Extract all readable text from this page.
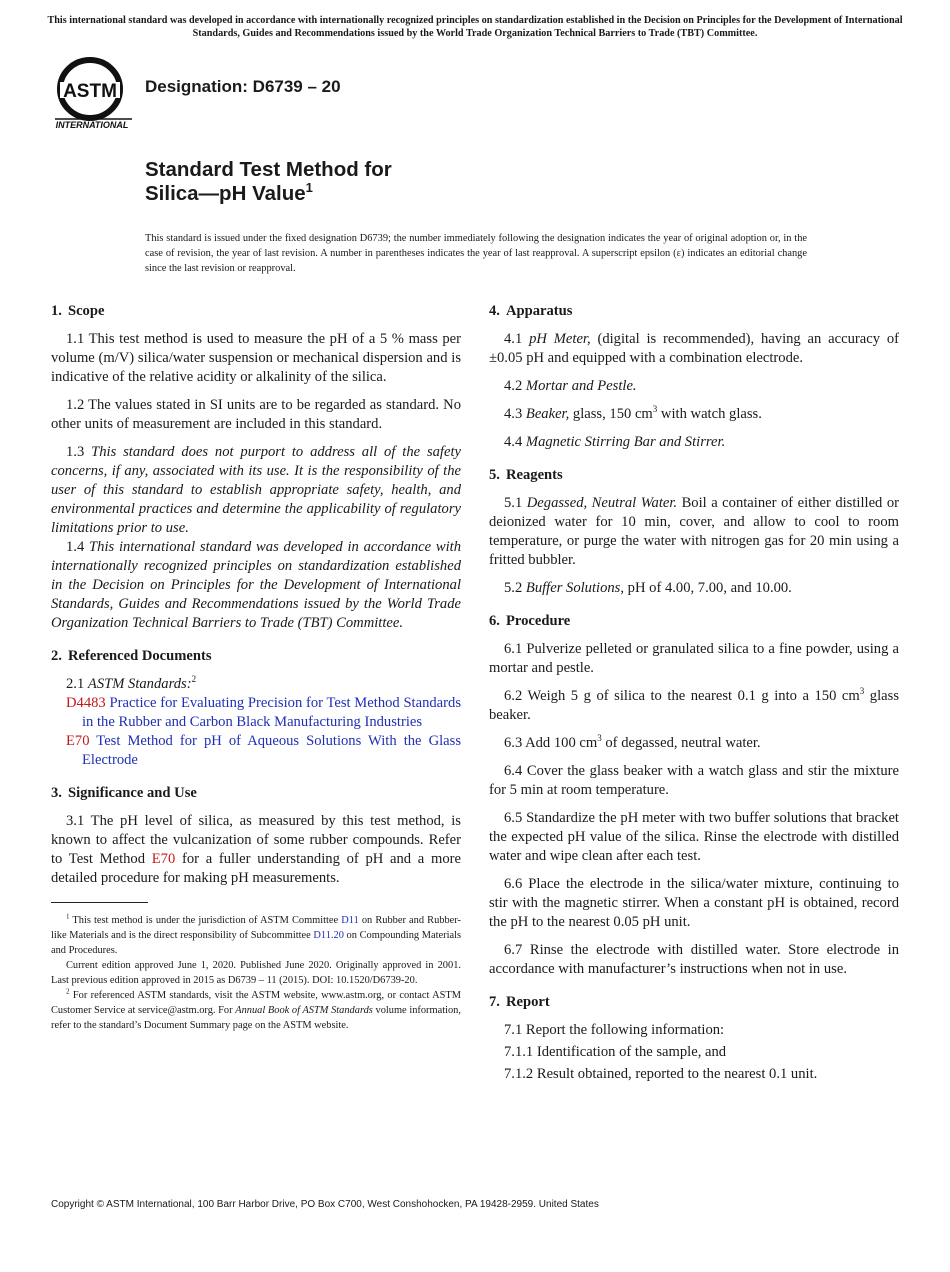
This international standard was developed in accordance with internationally recognized principles on standardization established in the Decision on Principles for the Development of International Standards, Guides and Recommendations issued by the World Trade Organization Technical Barriers to Trade (TBT) Committee.
ASTM
INTERNATIONAL
Designation: D6739 – 20
Standard Test Method for
Silica—pH Value$^1$

This standard is issued under the fixed designation D6739; the number immediately following the designation indicates the year of original adoption or, in the case of revision, the year of last revision. A number in parentheses indicates the year of last reapproval. A superscript epsilon (ε) indicates an editorial change since the last revision or reapproval.

1. Scope

1.1 This test method is used to measure the pH of a 5 % mass per volume (m/V) silica/water suspension or mechanical dispersion and is indicative of the relative acidity or alkalinity of the silica.

1.2 The values stated in SI units are to be regarded as standard. No other units of measurement are included in this standard.

1.3 This standard does not purport to address all of the safety concerns, if any, associated with its use. It is the responsibility of the user of this standard to establish appropriate safety, health, and environmental practices and determine the applicability of regulatory limitations prior to use.

1.4 This international standard was developed in accordance with internationally recognized principles on standardization established in the Decision on Principles for the Development of International Standards, Guides and Recommendations issued by the World Trade Organization Technical Barriers to Trade (TBT) Committee.

2. Referenced Documents

2.1 ASTM Standards:$^2$

D4483 Practice for Evaluating Precision for Test Method Standards in the Rubber and Carbon Black Manufacturing Industries

E70 Test Method for pH of Aqueous Solutions With the Glass Electrode

3. Significance and Use

3.1 The pH level of silica, as measured by this test method, is known to affect the vulcanization of some rubber compounds. Refer to Test Method E70 for a fuller understanding of pH and a more detailed procedure for making pH measurements.

$^1$ This test method is under the jurisdiction of ASTM Committee D11 on Rubber and Rubber-like Materials and is the direct responsibility of Subcommittee D11.20 on Compounding Materials and Procedures.

Current edition approved June 1, 2020. Published June 2020. Originally approved in 2001. Last previous edition approved in 2015 as D6739 – 11 (2015). DOI: 10.1520/D6739-20.

$^2$ For referenced ASTM standards, visit the ASTM website, www.astm.org, or contact ASTM Customer Service at service@astm.org. For Annual Book of ASTM Standards volume information, refer to the standard’s Document Summary page on the ASTM website.

4. Apparatus

4.1 pH Meter, (digital is recommended), having an accuracy of ±0.05 pH and equipped with a combination electrode.

4.2 Mortar and Pestle.

4.3 Beaker, glass, 150 $cm^3$ with watch glass.

4.4 Magnetic Stirring Bar and Stirrer.

5. Reagents

5.1 Degassed, Neutral Water. Boil a container of either distilled or deionized water for 10 min, cover, and allow to cool to room temperature, or purge the water with nitrogen gas for 20 min using a fritted bubbler.

5.2 Buffer Solutions, pH of 4.00, 7.00, and 10.00.

6. Procedure

6.1 Pulverize pelleted or granulated silica to a fine powder, using a mortar and pestle.

6.2 Weigh 5 g of silica to the nearest 0.1 g into a 150 $cm^3$ glass beaker.

6.3 Add 100 $cm^3$ of degassed, neutral water.

6.4 Cover the glass beaker with a watch glass and stir the mixture for 5 min at room temperature.

6.5 Standardize the pH meter with two buffer solutions that bracket the expected pH value of the silica. Rinse the electrode with distilled water and wipe clean after each test.

6.6 Place the electrode in the silica/water mixture, continuing to stir with the magnetic stirrer. When a constant pH is obtained, record the pH to the nearest 0.05 pH unit.

6.7 Rinse the electrode with distilled water. Store electrode in accordance with manufacturer’s instructions when not in use.

7. Report

7.1 Report the following information:

7.1.1 Identification of the sample, and

7.1.2 Result obtained, reported to the nearest 0.1 unit.

Copyright © ASTM International, 100 Barr Harbor Drive, PO Box C700, West Conshohocken, PA 19428-2959. United States
